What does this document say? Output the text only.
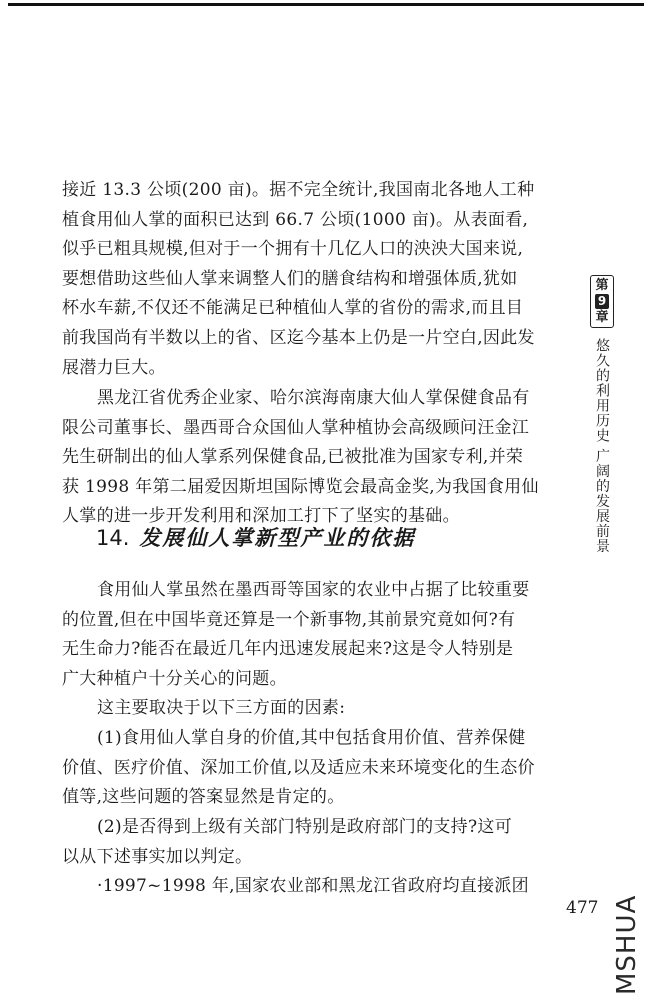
接近 13.3 公顷(200 亩)。据不完全统计,我国南北各地人工种
植食用仙人掌的面积已达到 66.7 公顷(1000 亩)。从表面看,
似乎已粗具规模,但对于一个拥有十几亿人口的泱泱大国来说,
要想借助这些仙人掌来调整人们的膳食结构和增强体质,犹如
杯水车薪,不仅还不能满足已种植仙人掌的省份的需求,而且目
前我国尚有半数以上的省、区迄今基本上仍是一片空白,因此发
展潜力巨大。
黑龙江省优秀企业家、哈尔滨海南康大仙人掌保健食品有
限公司董事长、墨西哥合众国仙人掌种植协会高级顾问汪金江
先生研制出的仙人掌系列保健食品,已被批准为国家专利,并荣
获 1998 年第二届爱因斯坦国际博览会最高金奖,为我国食用仙
人掌的进一步开发利用和深加工打下了坚实的基础。
14. 发展仙人掌新型产业的依据
食用仙人掌虽然在墨西哥等国家的农业中占据了比较重要
的位置,但在中国毕竟还算是一个新事物,其前景究竟如何?有
无生命力?能否在最近几年内迅速发展起来?这是令人特别是
广大种植户十分关心的问题。
这主要取决于以下三方面的因素:
(1)食用仙人掌自身的价值,其中包括食用价值、营养保健
价值、医疗价值、深加工价值,以及适应未来环境变化的生态价
值等,这些问题的答案显然是肯定的。
(2)是否得到上级有关部门特别是政府部门的支持?这可
以从下述事实加以判定。
·1997~1998 年,国家农业部和黑龙江省政府均直接派团
第
9
章
悠久的利用历史 广阔的发展前景
477 MSHUA
